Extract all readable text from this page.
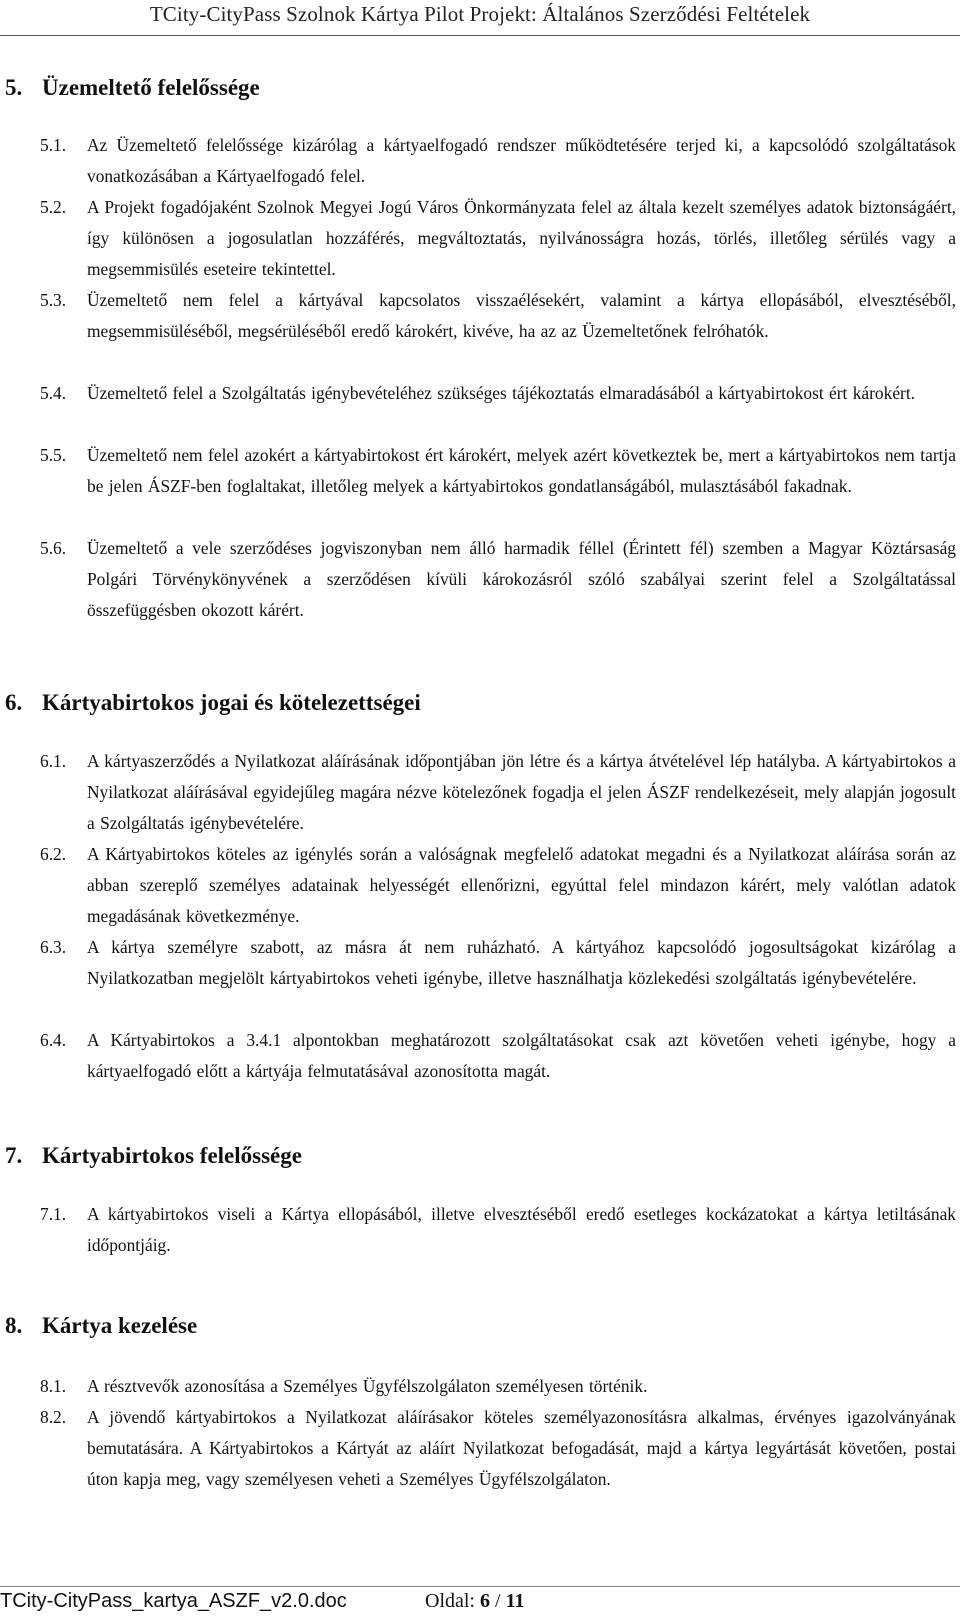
TCity-CityPass Szolnok Kártya Pilot Projekt: Általános Szerződési Feltételek
5. Üzemeltető felelőssége
5.1.	Az Üzemeltető felelőssége kizárólag a kártyaelfogadó rendszer működtetésére terjed ki, a kapcsolódó szolgáltatások vonatkozásában a Kártyaelfogadó felel.
5.2.	A Projekt fogadójaként Szolnok Megyei Jogú Város Önkormányzata felel az általa kezelt személyes adatok biztonságáért, így különösen a jogosulatlan hozzáférés, megváltoztatás, nyilvánosságra hozás, törlés, illetőleg sérülés vagy a megsemmisülés eseteire tekintettel.
5.3.	Üzemeltető nem felel a kártyával kapcsolatos visszaélésekért, valamint a kártya ellopásából, elvesztéséből, megsemmisüléséből, megsérüléséből eredő károkért, kivéve, ha az az Üzemeltetőnek felróhatók.
5.4.	Üzemeltető felel a Szolgáltatás igénybevételéhez szükséges tájékoztatás elmaradásából a kártyabirtokost ért károkért.
5.5.	Üzemeltető nem felel azokért a kártyabirtokost ért károkért, melyek azért következtek be, mert a kártyabirtokos nem tartja be jelen ÁSZF-ben foglaltakat, illetőleg melyek a kártyabirtokos gondatlanságából, mulasztásából fakadnak.
5.6.	Üzemeltető a vele szerződéses jogviszonyban nem álló harmadik féllel (Érintett fél) szemben a Magyar Köztársaság Polgári Törvénykönyvének a szerződésen kívüli károkozásról szóló szabályai szerint felel a Szolgáltatással összefüggésben okozott kárért.
6. Kártyabirtokos jogai és kötelezettségei
6.1.	A kártyaszerződés a Nyilatkozat aláírásának időpontjában jön létre és a kártya átvételével lép hatályba. A kártyabirtokos a Nyilatkozat aláírásával egyidejűleg magára nézve kötelezőnek fogadja el jelen ÁSZF rendelkezéseit, mely alapján jogosult a Szolgáltatás igénybevételére.
6.2.	A Kártyabirtokos köteles az igénylés során a valóságnak megfelelő adatokat megadni és a Nyilatkozat aláírása során az abban szereplő személyes adatainak helyességét ellenőrizni, egyúttal felel mindazon kárért, mely valótlan adatok megadásának következménye.
6.3.	A kártya személyre szabott, az másra át nem ruházható. A kártyához kapcsolódó jogosultságokat kizárólag a Nyilatkozatban megjelölt kártyabirtokos veheti igénybe, illetve használhatja közlekedési szolgáltatás igénybevételére.
6.4.	A Kártyabirtokos a 3.4.1 alpontokban meghatározott szolgáltatásokat csak azt követően veheti igénybe, hogy a kártyaelfogadó előtt a kártyája felmutatásával azonosította magát.
7. Kártyabirtokos felelőssége
7.1.	A kártyabirtokos viseli a Kártya ellopásából, illetve elvesztéséből eredő esetleges kockázatokat a kártya letiltásának időpontjáig.
8. Kártya kezelése
8.1.	A résztvevők azonosítása a Személyes Ügyfélszolgálaton személyesen történik.
8.2.	A jövendő kártyabirtokos a Nyilatkozat aláírásakor köteles személyazonosításra alkalmas, érvényes igazolványának bemutatására. A Kártyabirtokos a Kártyát az aláírt Nyilatkozat befogadását, majd a kártya legyártását követően, postai úton kapja meg, vagy személyesen veheti a Személyes Ügyfélszolgálaton.
TCity-CityPass_kartya_ASZF_v2.0.doc	Oldal: 6 / 11
